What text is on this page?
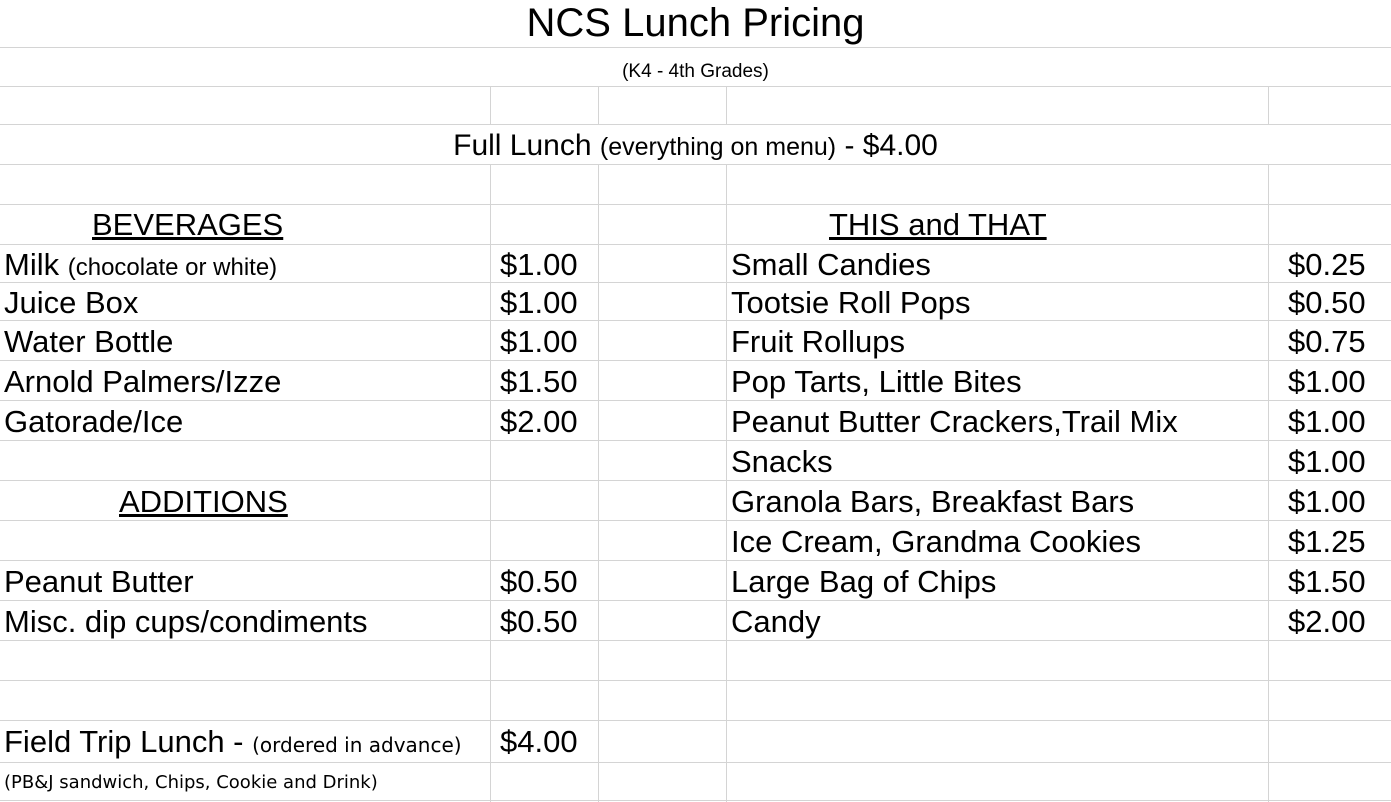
NCS Lunch Pricing
(K4 - 4th Grades)
Full Lunch (everything on menu) - $4.00
BEVERAGES
Milk (chocolate or white)	$1.00
Juice Box	$1.00
Water Bottle	$1.00
Arnold Palmers/Izze	$1.50
Gatorade/Ice	$2.00
ADDITIONS
Peanut Butter	$0.50
Misc. dip cups/condiments	$0.50
THIS and THAT
Small Candies	$0.25
Tootsie Roll Pops	$0.50
Fruit Rollups	$0.75
Pop Tarts, Little Bites	$1.00
Peanut Butter Crackers,Trail Mix	$1.00
Snacks	$1.00
Granola Bars, Breakfast Bars	$1.00
Ice Cream, Grandma Cookies	$1.25
Large Bag of Chips	$1.50
Candy	$2.00
Field Trip Lunch - (ordered in advance) $4.00
(PB&J sandwich, Chips, Cookie and Drink)
